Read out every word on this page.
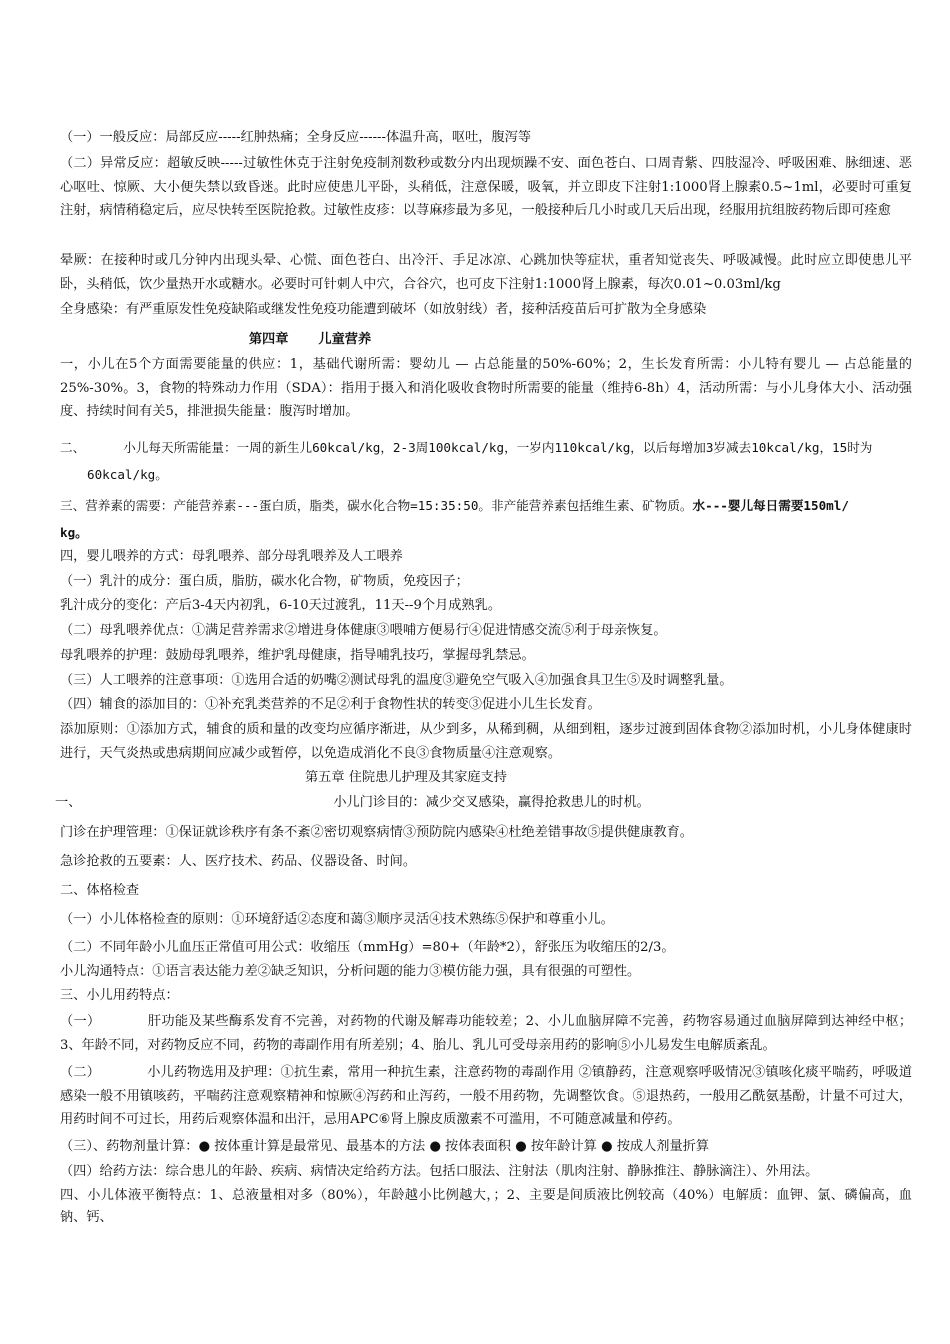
（一）一般反应：局部反应-----红肿热痛；全身反应------体温升高，呕吐，腹泻等

（二）异常反应：超敏反映-----过敏性休克于注射免疫制剂数秒或数分内出现烦躁不安、面色苍白、口周青紫、四肢湿冷、呼吸困难、脉细速、恶心呕吐、惊厥、大小便失禁以致昏迷。此时应使患儿平卧，头稍低，注意保暖，吸氧，并立即皮下注射1:1000肾上腺素0.5~1ml，必要时可重复注射，病情稍稳定后，应尽快转至医院抢救。过敏性皮疹：以荨麻疹最为多见，一般接种后几小时或几天后出现，经服用抗组胺药物后即可痊愈

晕厥：在接种时或几分钟内出现头晕、心慌、面色苍白、出冷汗、手足冰凉、心跳加快等症状，重者知觉丧失、呼吸减慢。此时应立即使患儿平卧，头稍低，饮少量热开水或糖水。必要时可针刺人中穴，合谷穴，也可皮下注射1:1000肾上腺素，每次0.01~0.03ml/kg

全身感染：有严重原发性免疫缺陷或继发性免疫功能遭到破坏（如放射线）者，接种活疫苗后可扩散为全身感染

第四章 儿童营养

一，小儿在5个方面需要能量的供应：1，基础代谢所需：婴幼儿 — 占总能量的50%-60%；2，生长发育所需：小儿特有婴儿 — 占总能量的25%-30%。3，食物的特殊动力作用（SDA）：指用于摄入和消化吸收食物时所需要的能量（维持6-8h）4，活动所需：与小儿身体大小、活动强度、持续时间有关5，排泄损失能量：腹泻时增加。

二、	小儿每天所需能量：一周的新生儿60kcal/kg，2-3周100kcal/kg，一岁内110kcal/kg，以后每增加3岁减去10kcal/kg，15时为

60kcal/kg。

三、营养素的需要：产能营养素---蛋白质，脂类，碳水化合物=15:35:50。非产能营养素包括维生素、矿物质。水---婴儿每日需要150ml/

kg。

四，婴儿喂养的方式：母乳喂养、部分母乳喂养及人工喂养

（一）乳汁的成分：蛋白质，脂肪，碳水化合物，矿物质，免疫因子；

乳汁成分的变化：产后3-4天内初乳，6-10天过渡乳，11天--9个月成熟乳。

（二）母乳喂养优点：①满足营养需求②增进身体健康③喂哺方便易行④促进情感交流⑤利于母亲恢复。

母乳喂养的护理：鼓励母乳喂养，维护乳母健康，指导哺乳技巧，掌握母乳禁忌。

（三）人工喂养的注意事项：①选用合适的奶嘴②测试母乳的温度③避免空气吸入④加强食具卫生⑤及时调整乳量。

（四）辅食的添加目的：①补充乳类营养的不足②利于食物性状的转变③促进小儿生长发育。

添加原则：①添加方式，辅食的质和量的改变均应循序渐进，从少到多，从稀到稠，从细到粗，逐步过渡到固体食物②添加时机，小儿身体健康时进行，天气炎热或患病期间应减少或暂停，以免造成消化不良③食物质量④注意观察。

第五章 住院患儿护理及其家庭支持

一、	小儿门诊目的：减少交叉感染，赢得抢救患儿的时机。

门诊在护理管理：①保证就诊秩序有条不紊②密切观察病情③预防院内感染④杜绝差错事故⑤提供健康教育。

急诊抢救的五要素：人、医疗技术、药品、仪器设备、时间。

二、体格检查

（一）小儿体格检查的原则：①环境舒适②态度和蔼③顺序灵活④技术熟练⑤保护和尊重小儿。

（二）不同年龄小儿血压正常值可用公式：收缩压（mmHg）=80+（年龄*2），舒张压为收缩压的2/3。

小儿沟通特点：①语言表达能力差②缺乏知识，分析问题的能力③模仿能力强，具有很强的可塑性。

三、小儿用药特点：

（一）	肝功能及某些酶系发育不完善，对药物的代谢及解毒功能较差；2、小儿血脑屏障不完善，药物容易通过血脑屏障到达神经中枢；3、年龄不同，对药物反应不同，药物的毒副作用有所差别；4、胎儿、乳儿可受母亲用药的影响⑤小儿易发生电解质紊乱。

（二）	小儿药物选用及护理：①抗生素，常用一种抗生素，注意药物的毒副作用 ②镇静药，注意观察呼吸情况③镇咳化痰平喘药，呼吸道感染一般不用镇咳药，平喘药注意观察精神和惊厥④泻药和止泻药，一般不用药物，先调整饮食。⑤退热药，一般用乙酰氨基酚，计量不可过大，用药时间不可过长，用药后观察体温和出汗，忌用APC⑥肾上腺皮质激素不可滥用，不可随意减量和停药。

（三）、药物剂量计算：● 按体重计算是最常见、最基本的方法 ● 按体表面积 ● 按年龄计算 ● 按成人剂量折算

（四）给药方法：综合患儿的年龄、疾病、病情决定给药方法。包括口服法、注射法（肌肉注射、静脉推注、静脉滴注）、外用法。

四、小儿体液平衡特点：1、总液量相对多（80%），年龄越小比例越大，；2、主要是间质液比例较高（40%）电解质：血钾、氯、磷偏高，血钠、钙、
